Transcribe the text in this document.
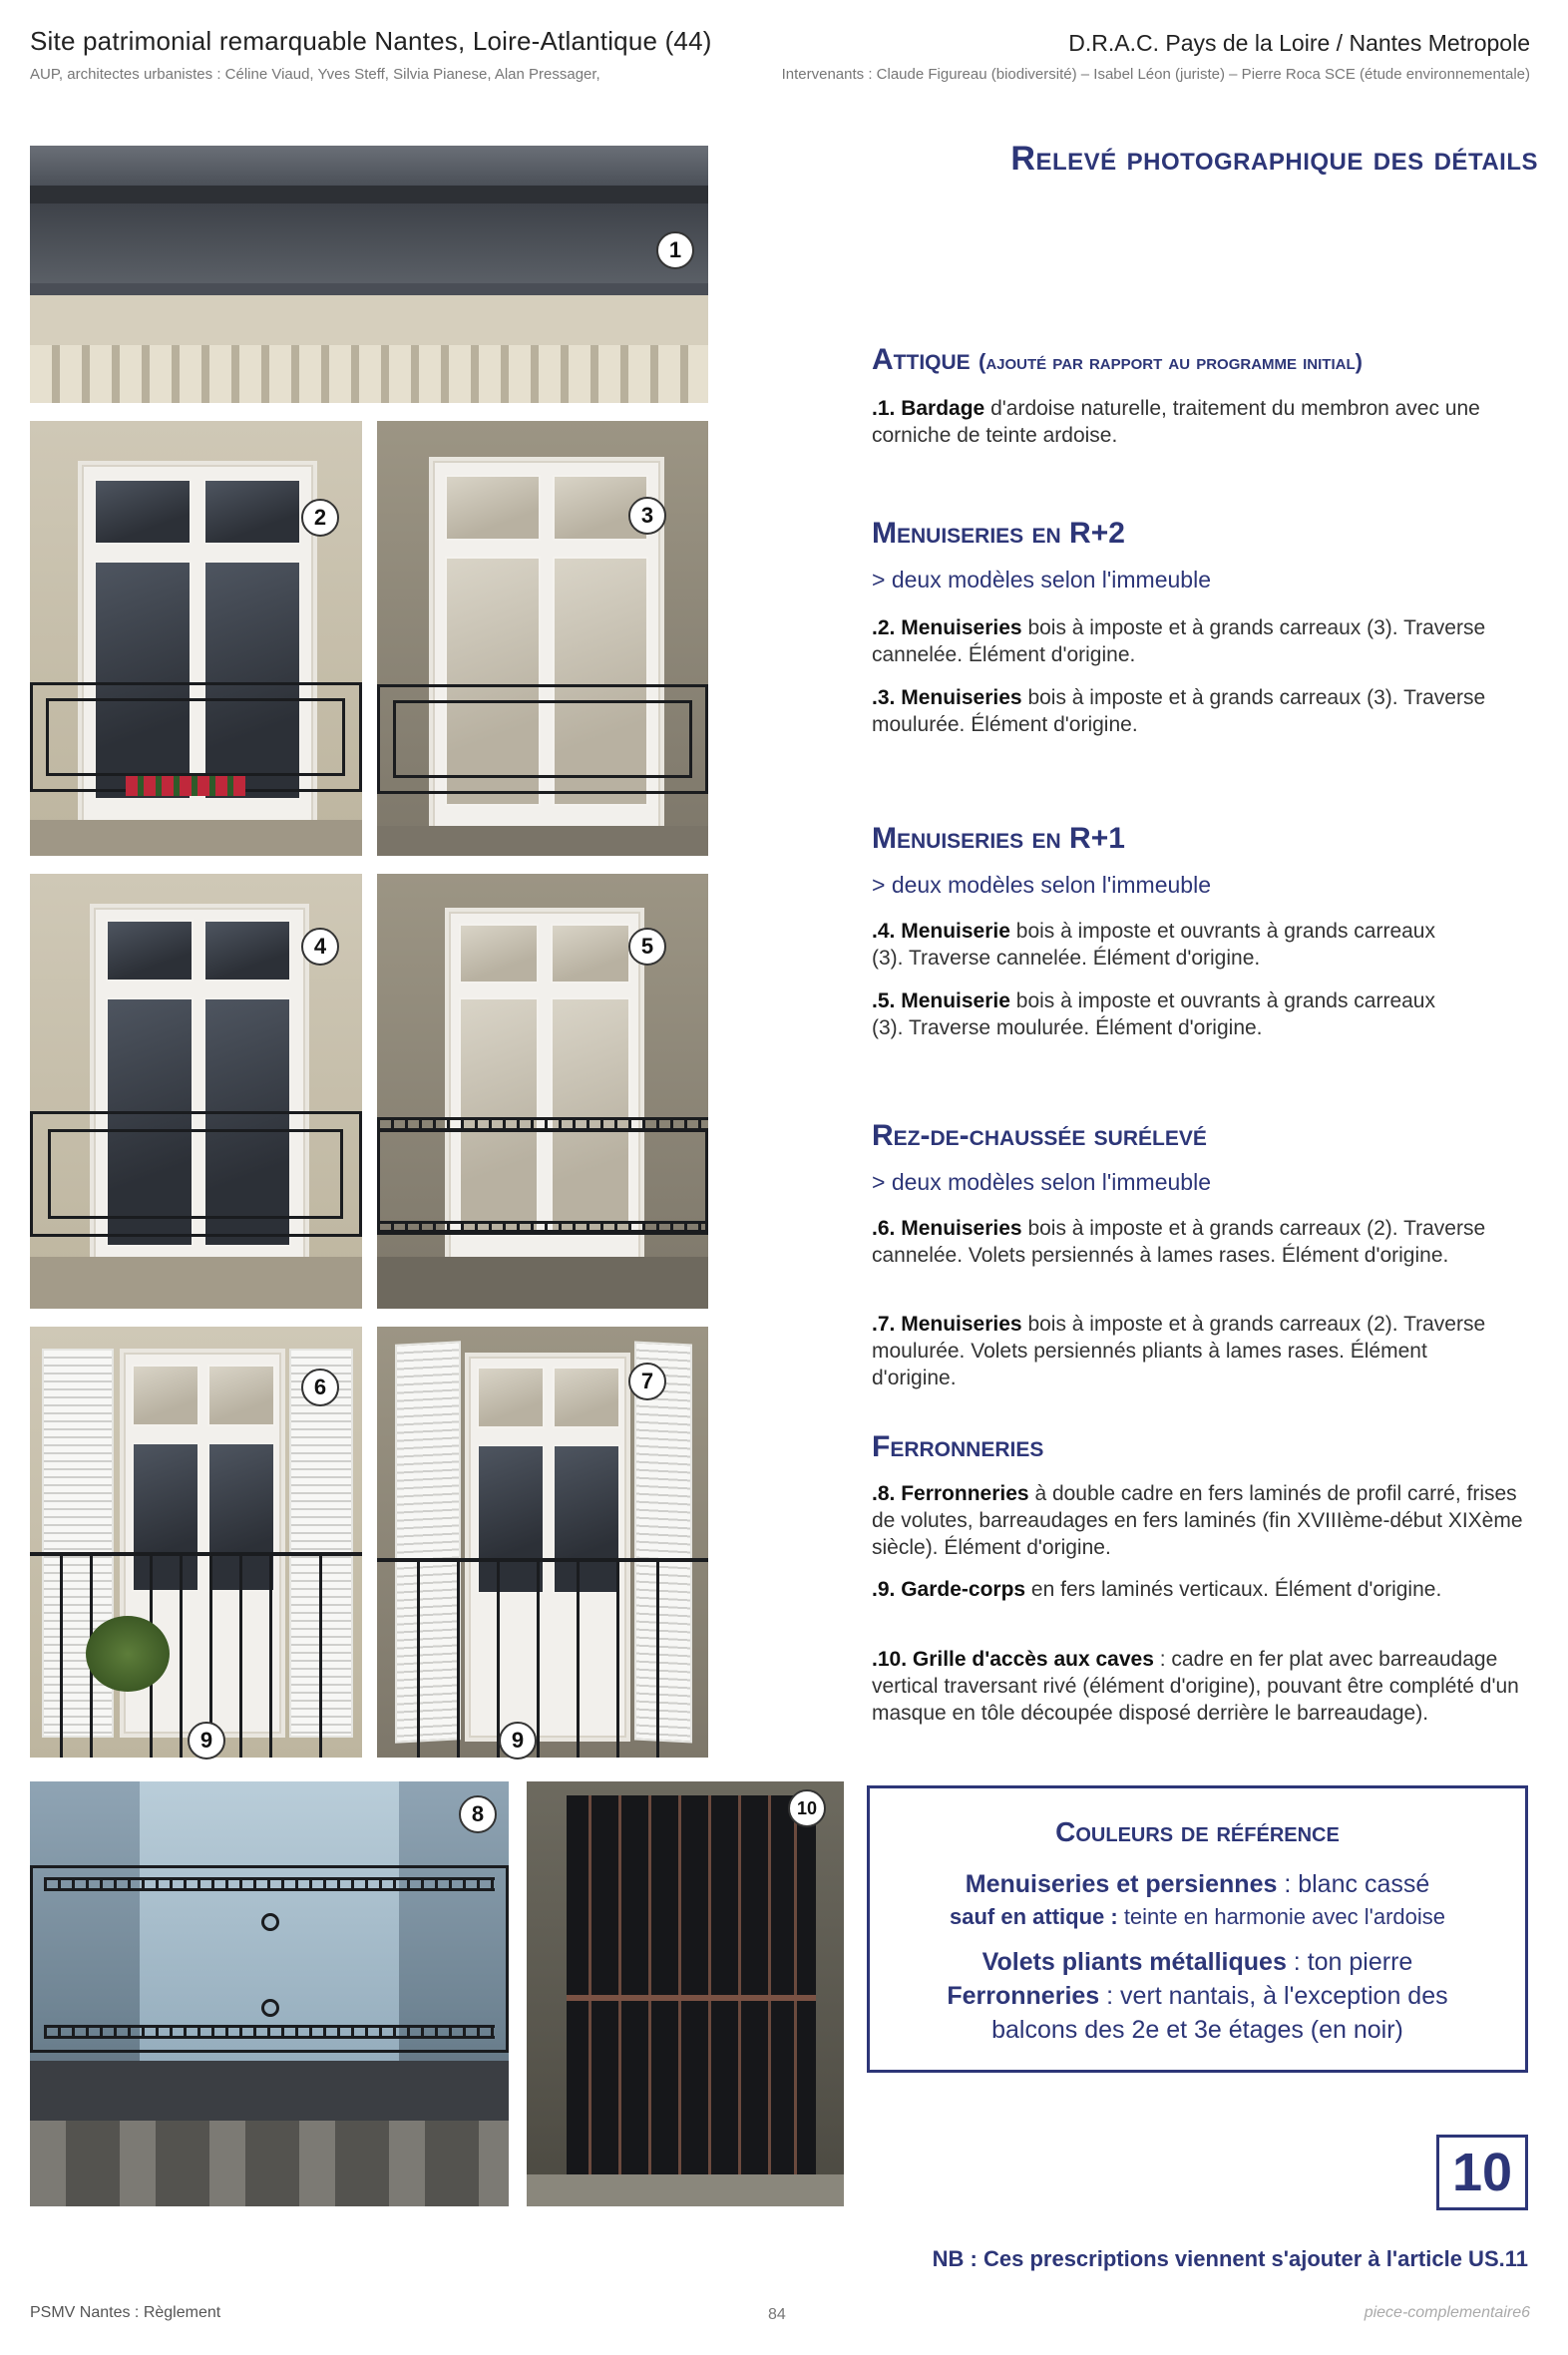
Site patrimonial remarquable Nantes, Loire-Atlantique (44)
AUP, architectes urbanistes : Céline Viaud, Yves Steff, Silvia Pianese, Alan Pressager,
D.R.A.C. Pays de la Loire / Nantes Metropole
Intervenants : Claude Figureau (biodiversité) – Isabel Léon (juriste) – Pierre Roca SCE (étude environnementale)
1
2	3
4	5
6
9
7
9
8	10
Relevé photographique des détails
Attique (ajouté par rapport au programme initial)
.1. Bardage d'ardoise naturelle, traitement du membron avec une corniche de teinte ardoise.
Menuiseries en R+2
> deux modèles selon l'immeuble
.2. Menuiseries bois à imposte et à grands carreaux (3). Traverse cannelée. Élément d'origine.
.3. Menuiseries bois à imposte et à grands carreaux (3). Traverse moulurée. Élément d'origine.
Menuiseries en R+1
> deux modèles selon l'immeuble
.4. Menuiserie bois à imposte et ouvrants à grands carreaux (3). Traverse cannelée. Élément d'origine.
.5. Menuiserie bois à imposte et ouvrants à grands carreaux (3). Traverse moulurée. Élément d'origine.
Rez-de-chaussée surélevé
> deux modèles selon l'immeuble
.6. Menuiseries bois à imposte et à grands carreaux (2). Traverse cannelée. Volets persiennés à lames rases. Élément d'origine.
.7. Menuiseries bois à imposte et à grands carreaux (2). Traverse moulurée. Volets persiennés pliants à lames rases. Élément d'origine.
Ferronneries
.8. Ferronneries à double cadre en fers laminés de profil carré, frises de volutes, barreaudages en fers laminés (fin XVIIIème-début XIXème siècle). Élément d'origine.
.9. Garde-corps en fers laminés verticaux. Élément d'origine.
.10. Grille d'accès aux caves : cadre en fer plat avec barreaudage vertical traversant rivé (élément d'origine), pouvant être complété d'un masque en tôle découpée disposé derrière le barreaudage).
Couleurs de référence
Menuiseries et persiennes : blanc cassé
sauf en attique : teinte en harmonie avec l'ardoise
Volets pliants métalliques : ton pierre
Ferronneries : vert nantais, à l'exception des
balcons des 2e et 3e étages (en noir)
10
NB : Ces prescriptions viennent s'ajouter à l'article US.11
PSMV Nantes : Règlement	84	piece-complementaire6
